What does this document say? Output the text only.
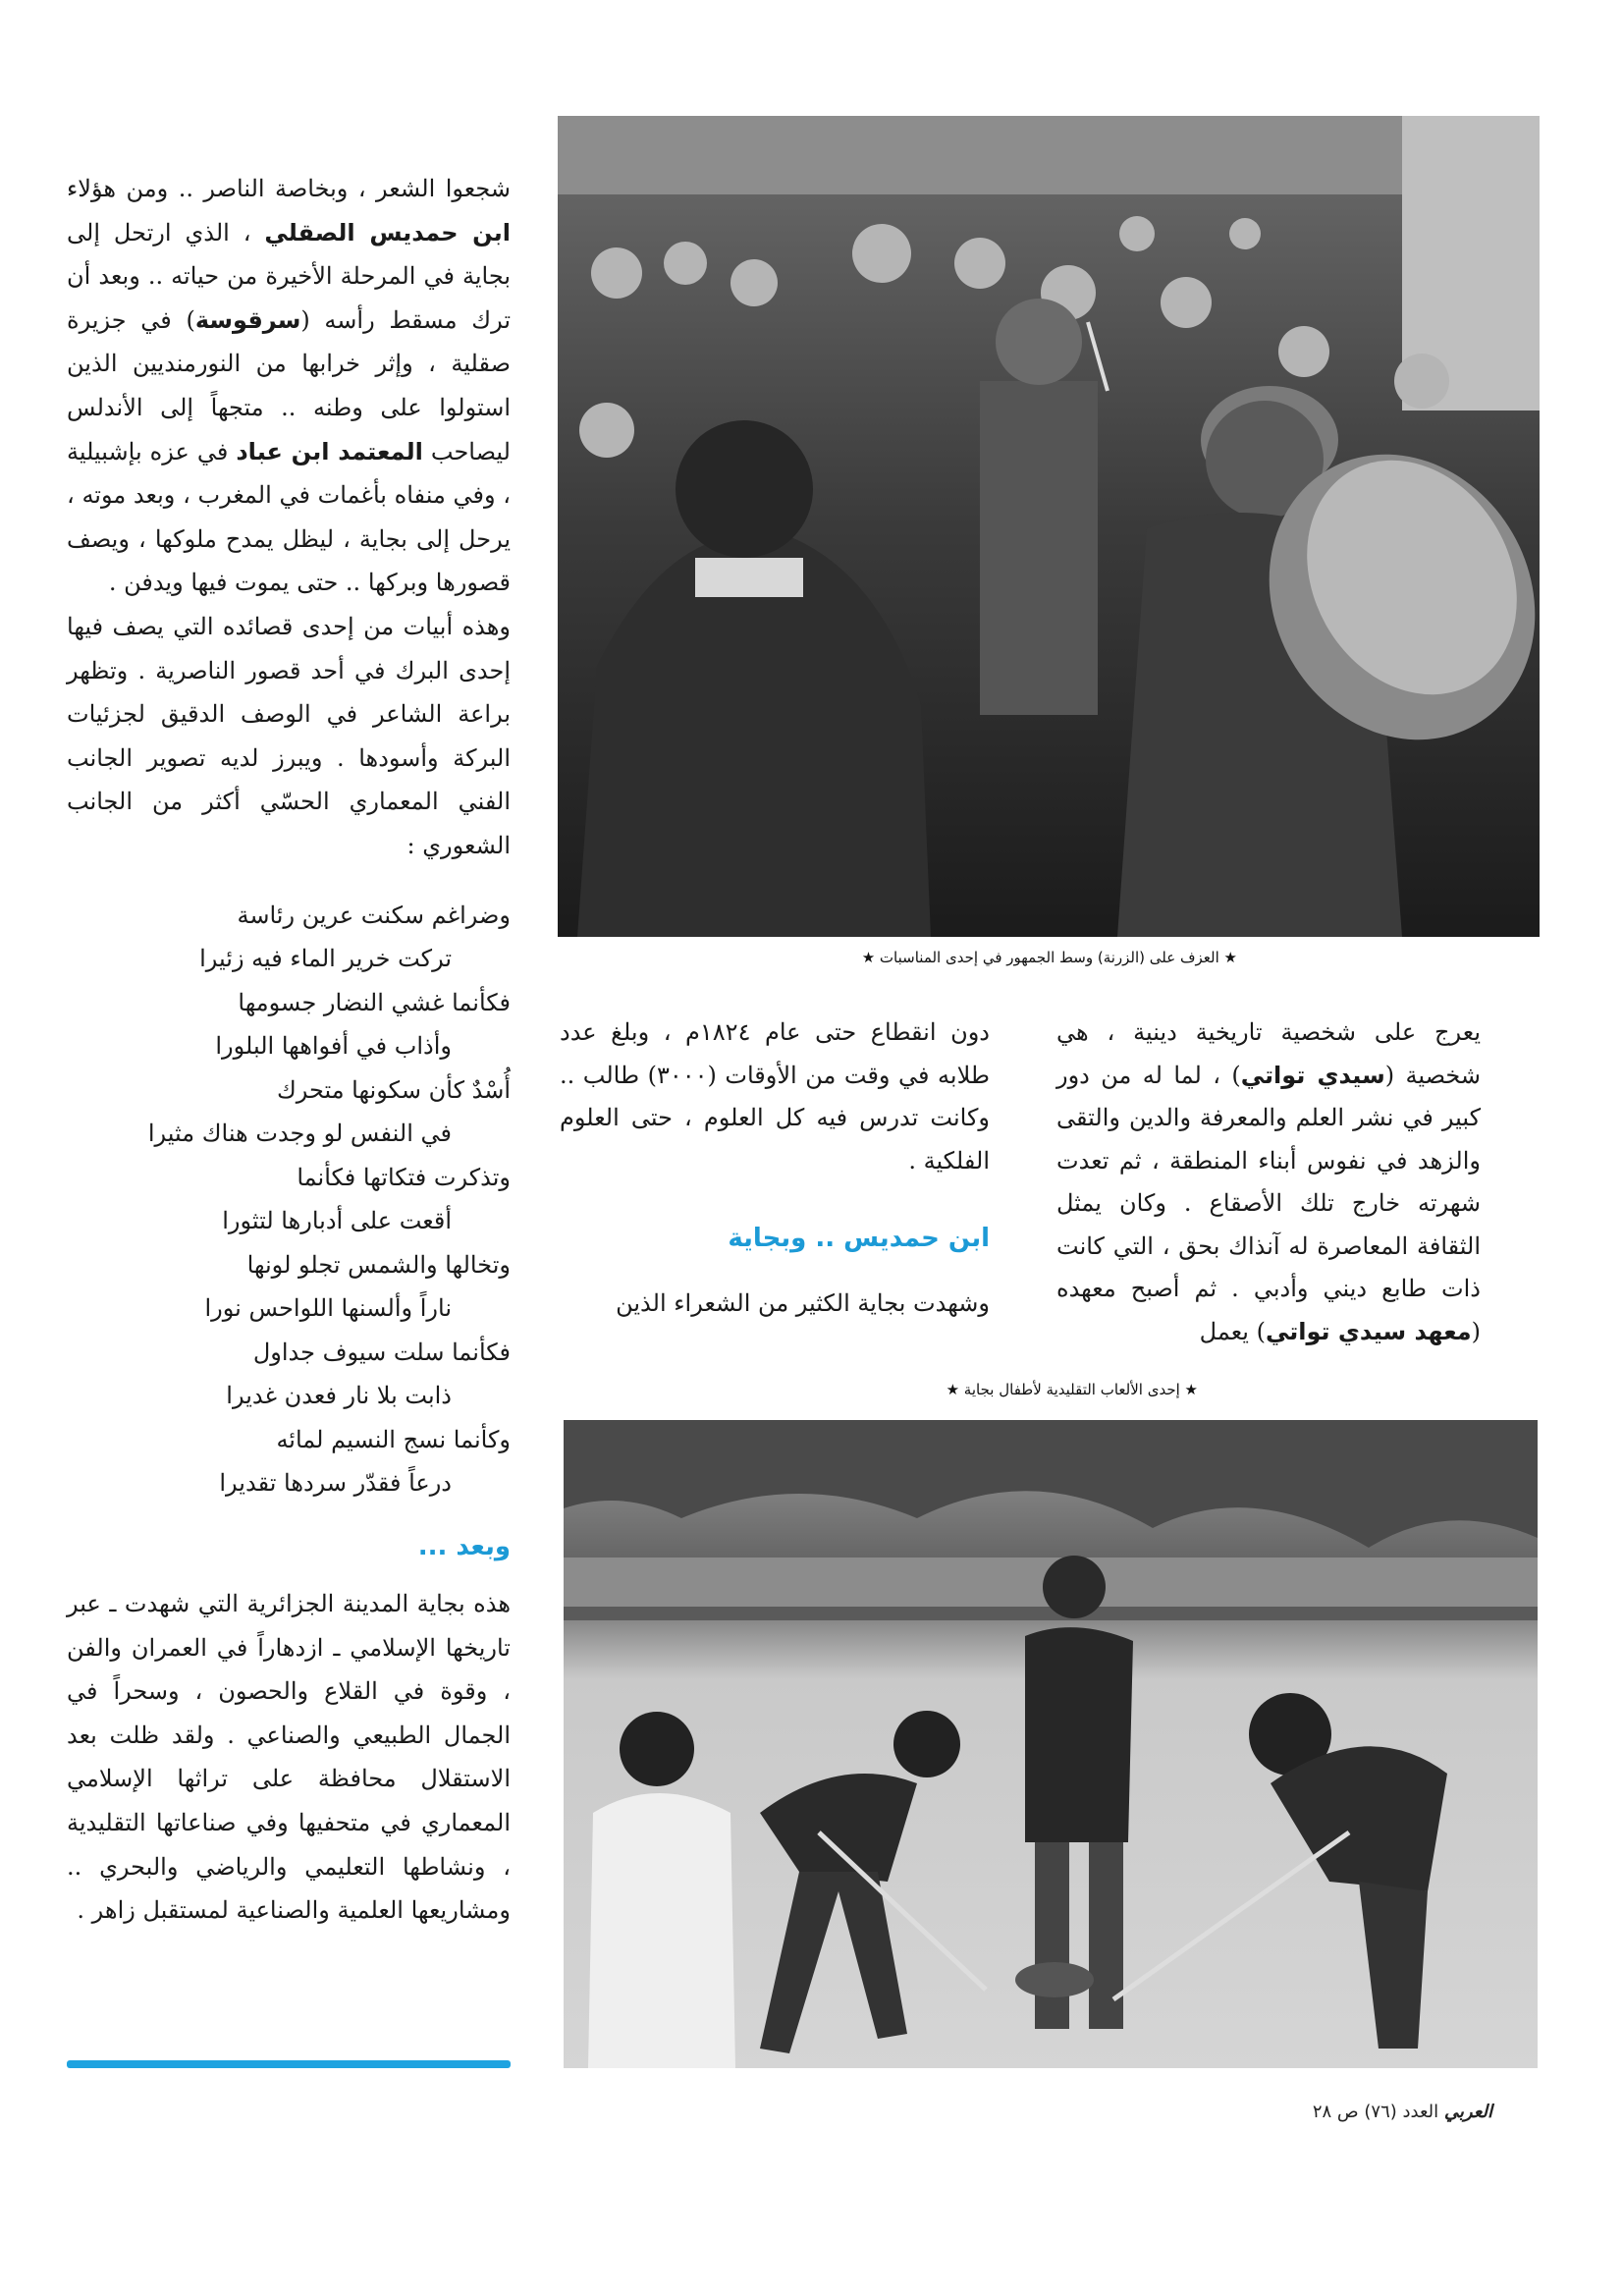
شجعوا الشعر ، وبخاصة الناصر .. ومن هؤلاء ابن حمديس الصقلي ، الذي ارتحل إلى بجاية في المرحلة الأخيرة من حياته .. وبعد أن ترك مسقط رأسه (سرقوسة) في جزيرة صقلية ، وإثر خرابها من النورمنديين الذين استولوا على وطنه .. متجهاً إلى الأندلس ليصاحب المعتمد ابن عباد في عزه بإشبيلية ، وفي منفاه بأغمات في المغرب ، وبعد موته ، يرحل إلى بجاية ، ليظل يمدح ملوكها ، ويصف قصورها وبركها .. حتى يموت فيها ويدفن .

وهذه أبيات من إحدى قصائده التي يصف فيها إحدى البرك في أحد قصور الناصرية . وتظهر براعة الشاعر في الوصف الدقيق لجزئيات البركة وأسودها . ويبرز لديه تصوير الجانب الفني المعماري الحسّي أكثر من الجانب الشعوري :

وضراغم سكنت عرين رئاسة
تركت خرير الماء فيه زئيرا
فكأنما غشي النضار جسومها
وأذاب في أفواهها البلورا
أُسْدٌ كأن سكونها متحرك
في النفس لو وجدت هناك مثيرا
وتذكرت فتكاتها فكأنما
أقعت على أدبارها لتثورا
وتخالها والشمس تجلو لونها
ناراً وألسنها اللواحس نورا
فكأنما سلت سيوف جداول
ذابت بلا نار فعدن غديرا
وكأنما نسج النسيم لمائه
درعاً فقدّر سردها تقديرا
وبعد ...

هذه بجاية المدينة الجزائرية التي شهدت ـ عبر تاريخها الإسلامي ـ ازدهاراً في العمران والفن ، وقوة في القلاع والحصون ، وسحراً في الجمال الطبيعي والصناعي . ولقد ظلت بعد الاستقلال محافظة على تراثها الإسلامي المعماري في متحفيها وفي صناعاتها التقليدية ، ونشاطها التعليمي والرياضي والبحري .. ومشاريعها العلمية والصناعية لمستقبل زاهر .

★ العزف على (الزرنة) وسط الجمهور في إحدى المناسبات ★

يعرج على شخصية تاريخية دينية ، هي شخصية (سيدي تواتي) ، لما له من دور كبير في نشر العلم والمعرفة والدين والتقى والزهد في نفوس أبناء المنطقة ، ثم تعدت شهرته خارج تلك الأصقاع . وكان يمثل الثقافة المعاصرة له آنذاك بحق ، التي كانت ذات طابع ديني وأدبي . ثم أصبح معهده (معهد سيدي تواتي) يعمل

دون انقطاع حتى عام ١٨٢٤م ، وبلغ عدد طلابه في وقت من الأوقات (٣٠٠٠) طالب .. وكانت تدرس فيه كل العلوم ، حتى العلوم الفلكية .

ابن حمديس .. وبجاية

وشهدت بجاية الكثير من الشعراء الذين

★ إحدى الألعاب التقليدية لأطفال بجاية ★
العربي العدد (٧٦) ص ٢٨
